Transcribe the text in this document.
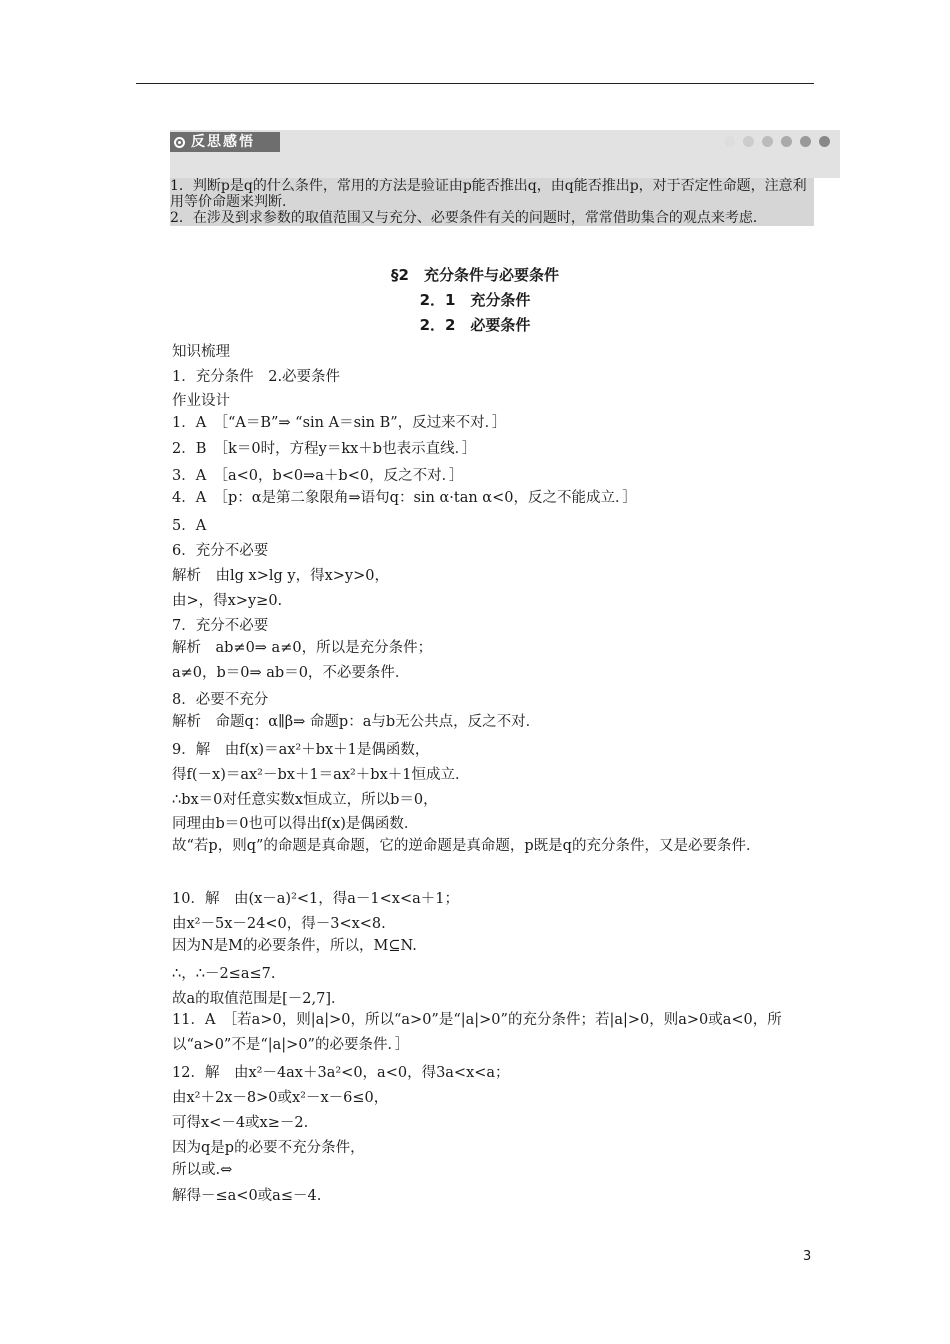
反思感悟

1．判断p是q的什么条件，常用的方法是验证由p能否推出q，由q能否推出p，对于否定性命题，注意利用等价命题来判断．

2．在涉及到求参数的取值范围又与充分、必要条件有关的问题时，常常借助集合的观点来考虑．

§2　充分条件与必要条件
2．1　充分条件
2．2　必要条件
知识梳理
1．充分条件　2.必要条件
作业设计
1．A　［“A＝B”⇒ “sin A＝sin B”，反过来不对．］
2．B　［k＝0时，方程y＝kx＋b也表示直线．］
3．A　［a<0，b<0⇒a＋b<0，反之不对．］
4．A　［p：α是第二象限角⇒语句q：sin α·tan α<0，反之不能成立．］
5．A
6．充分不必要
解析　由lg x>lg y，得x>y>0，
由>，得x>y≥0.
7．充分不必要
解析　ab≠0⇒ a≠0，所以是充分条件；
a≠0，b＝0⇒ ab＝0，不必要条件．
8．必要不充分
解析　命题q：α∥β⇒ 命题p：a与b无公共点，反之不对．
9．解　由f(x)＝ax²＋bx＋1是偶函数，
得f(－x)＝ax²－bx＋1＝ax²＋bx＋1恒成立．
∴bx＝0对任意实数x恒成立，所以b＝0，
同理由b＝0也可以得出f(x)是偶函数．
故“若p，则q”的命题是真命题，它的逆命题是真命题，p既是q的充分条件，又是必要条件．
10．解　由(x－a)²<1，得a－1<x<a＋1；
由x²－5x－24<0，得－3<x<8.
因为N是M的必要条件，所以，M⊆N.
∴，∴－2≤a≤7.
故a的取值范围是[－2,7]．
11．A　［若a>0，则|a|>0，所以“a>0”是“|a|>0”的充分条件；若|a|>0，则a>0或a<0，所　以“a>0”不是“|a|>0”的必要条件．］
12．解　由x²－4ax＋3a²<0，a<0，得3a<x<a；
由x²＋2x－8>0或x²－x－6≤0，
可得x<－4或x≥－2.
因为q是p的必要不充分条件，
所以或.⇔
解得－≤a<0或a≤－4.
3
